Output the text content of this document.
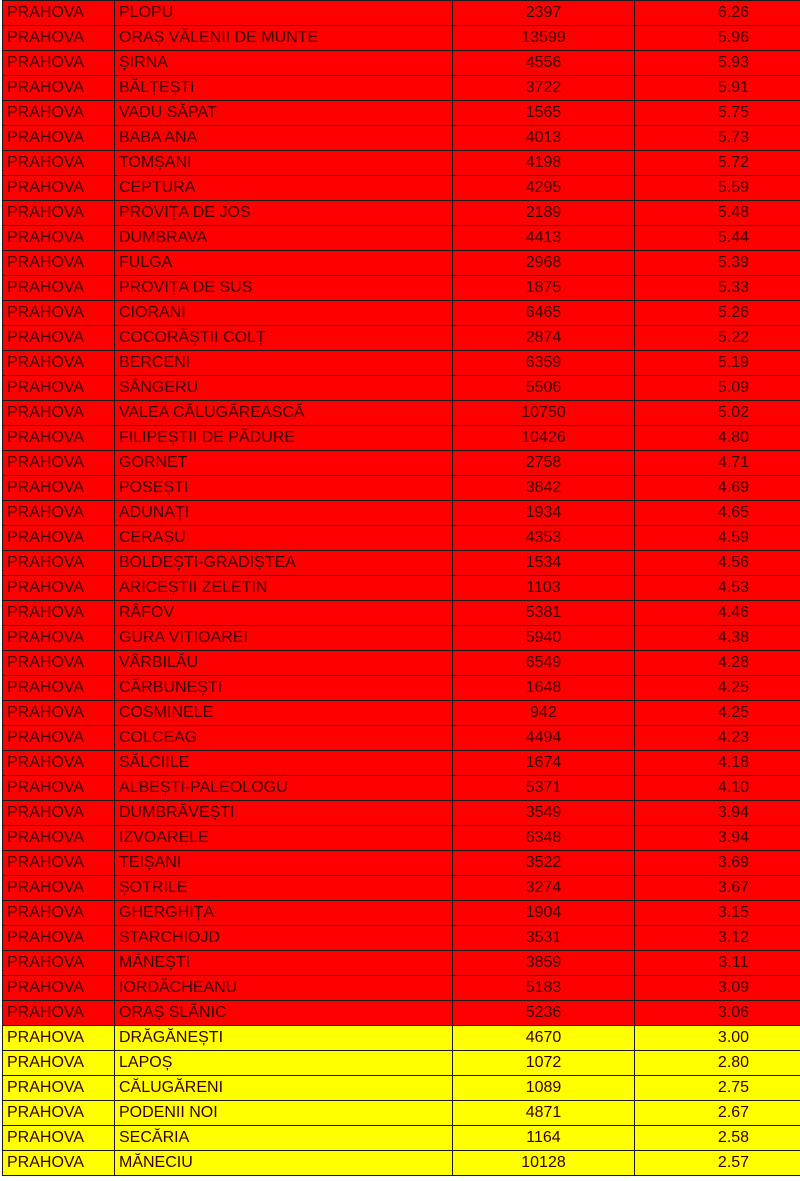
PRAHOVA	PLOPU	2397	6.26
PRAHOVA	ORAȘ VĂLENII DE MUNTE	13599	5.96
PRAHOVA	ȘIRNA	4556	5.93
PRAHOVA	BĂLȚEȘTI	3722	5.91
PRAHOVA	VADU SĂPAT	1565	5.75
PRAHOVA	BABA ANA	4013	5.73
PRAHOVA	TOMȘANI	4198	5.72
PRAHOVA	CEPTURA	4295	5.59
PRAHOVA	PROVIȚA DE JOS	2189	5.48
PRAHOVA	DUMBRAVA	4413	5.44
PRAHOVA	FULGA	2968	5.39
PRAHOVA	PROVIȚA DE SUS	1875	5.33
PRAHOVA	CIORANI	6465	5.26
PRAHOVA	COCORĂȘTII COLȚ	2874	5.22
PRAHOVA	BERCENI	6359	5.19
PRAHOVA	SÂNGERU	5506	5.09
PRAHOVA	VALEA CĂLUGĂREASCĂ	10750	5.02
PRAHOVA	FILIPEȘTII DE PĂDURE	10426	4.80
PRAHOVA	GORNET	2758	4.71
PRAHOVA	POSEȘTI	3842	4.69
PRAHOVA	ADUNAȚI	1934	4.65
PRAHOVA	CERAȘU	4353	4.59
PRAHOVA	BOLDEȘTI-GRADIȘTEA	1534	4.56
PRAHOVA	ARICEȘTII ZELETIN	1103	4.53
PRAHOVA	RÂFOV	5381	4.46
PRAHOVA	GURA VITIOAREI	5940	4.38
PRAHOVA	VÂRBILĂU	6549	4.28
PRAHOVA	CĂRBUNEȘTI	1648	4.25
PRAHOVA	COSMINELE	942	4.25
PRAHOVA	COLCEAG	4494	4.23
PRAHOVA	SĂLCIILE	1674	4.18
PRAHOVA	ALBEȘTI-PALEOLOGU	5371	4.10
PRAHOVA	DUMBRĂVEȘTI	3549	3.94
PRAHOVA	IZVOARELE	6348	3.94
PRAHOVA	TEIȘANI	3522	3.69
PRAHOVA	ȘOTRILE	3274	3.67
PRAHOVA	GHERGHIȚA	1904	3.15
PRAHOVA	STARCHIOJD	3531	3.12
PRAHOVA	MĂNEȘTI	3859	3.11
PRAHOVA	IORDĂCHEANU	5183	3.09
PRAHOVA	ORAȘ SLĂNIC	5236	3.06
PRAHOVA	DRĂGĂNEȘTI	4670	3.00
PRAHOVA	LAPOȘ	1072	2.80
PRAHOVA	CĂLUGĂRENI	1089	2.75
PRAHOVA	PODENII NOI	4871	2.67
PRAHOVA	SECĂRIA	1164	2.58
PRAHOVA	MĂNECIU	10128	2.57
